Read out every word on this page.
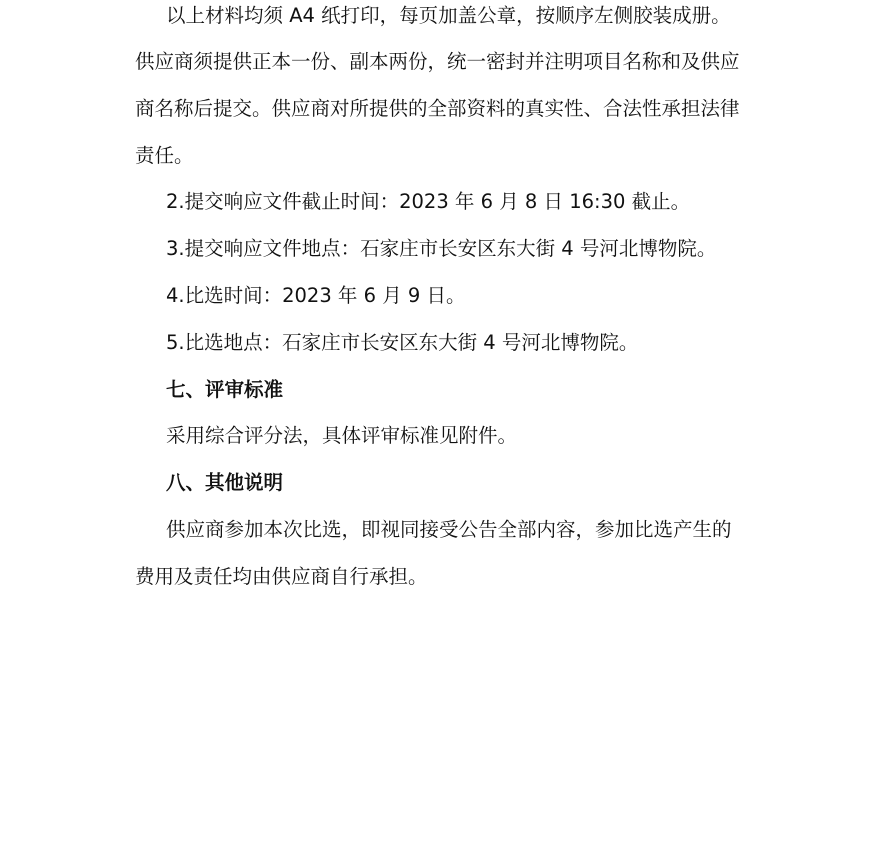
以上材料均须 A4 纸打印，每页加盖公章，按顺序左侧胶装成册。
供应商须提供正本一份、副本两份，统一密封并注明项目名称和及供应
商名称后提交。供应商对所提供的全部资料的真实性、合法性承担法律
责任。
2.提交响应文件截止时间：2023 年 6 月 8 日 16:30 截止。
3.提交响应文件地点：石家庄市长安区东大街 4 号河北博物院。
4.比选时间：2023 年 6 月 9 日。
5.比选地点：石家庄市长安区东大街 4 号河北博物院。
七、评审标准
采用综合评分法，具体评审标准见附件。
八、其他说明
供应商参加本次比选，即视同接受公告全部内容，参加比选产生的
费用及责任均由供应商自行承担。
